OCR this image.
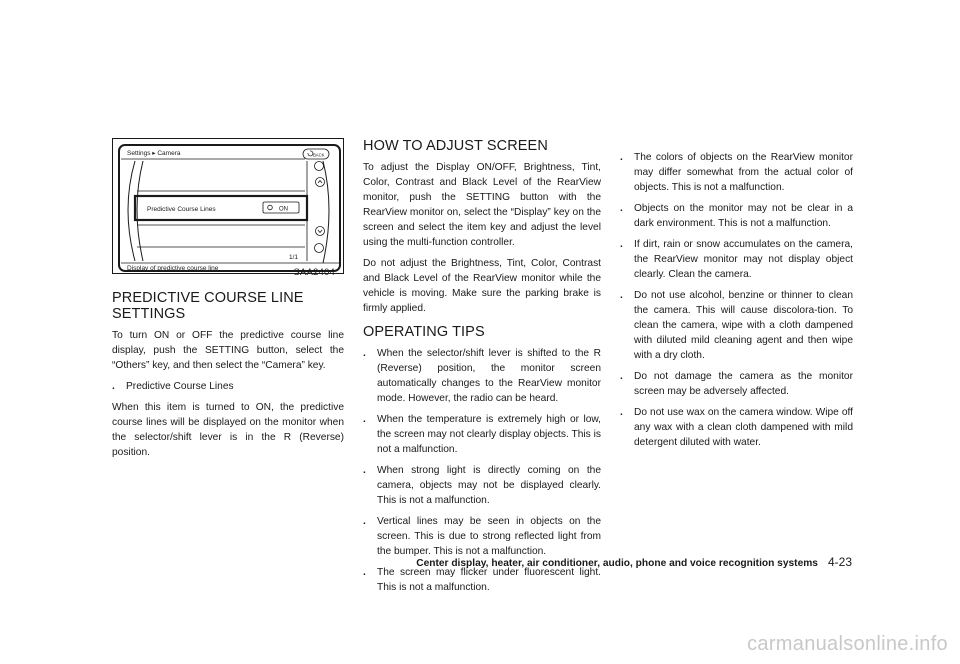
Settings ▸ Camera	BACK
Predictive Course Lines	ON
1/1
Display of predictive course line	SAA2404
PREDICTIVE COURSE LINE SETTINGS

To turn ON or OFF the predictive course line display, push the SETTING button, select the “Others” key, and then select the “Camera” key.

. Predictive Course Lines

When this item is turned to ON, the predictive course lines will be displayed on the monitor when the selector/shift lever is in the R (Reverse) position.

HOW TO ADJUST SCREEN

To adjust the Display ON/OFF, Brightness, Tint, Color, Contrast and Black Level of the RearView monitor, push the SETTING button with the RearView monitor on, select the “Display” key on the screen and select the item key and adjust the level using the multi-function controller.

Do not adjust the Brightness, Tint, Color, Contrast and Black Level of the RearView monitor while the vehicle is moving. Make sure the parking brake is firmly applied.

OPERATING TIPS
. When the selector/shift lever is shifted to the R (Reverse) position, the monitor screen automatically changes to the RearView monitor mode. However, the radio can be heard.
. When the temperature is extremely high or low, the screen may not clearly display objects. This is not a malfunction.
. When strong light is directly coming on the camera, objects may not be displayed clearly. This is not a malfunction.
. Vertical lines may be seen in objects on the screen. This is due to strong reflected light from the bumper. This is not a malfunction.
. The screen may flicker under fluorescent light. This is not a malfunction.
. The colors of objects on the RearView monitor may differ somewhat from the actual color of objects. This is not a malfunction.
. Objects on the monitor may not be clear in a dark environment. This is not a malfunction.
. If dirt, rain or snow accumulates on the camera, the RearView monitor may not display object clearly. Clean the camera.
. Do not use alcohol, benzine or thinner to clean the camera. This will cause discolora-tion. To clean the camera, wipe with a cloth dampened with diluted mild cleaning agent and then wipe with a dry cloth.
. Do not damage the camera as the monitor screen may be adversely affected.
. Do not use wax on the camera window. Wipe off any wax with a clean cloth dampened with mild detergent diluted with water.
Center display, heater, air conditioner, audio, phone and voice recognition systems 4-23
carmanualsonline.info
